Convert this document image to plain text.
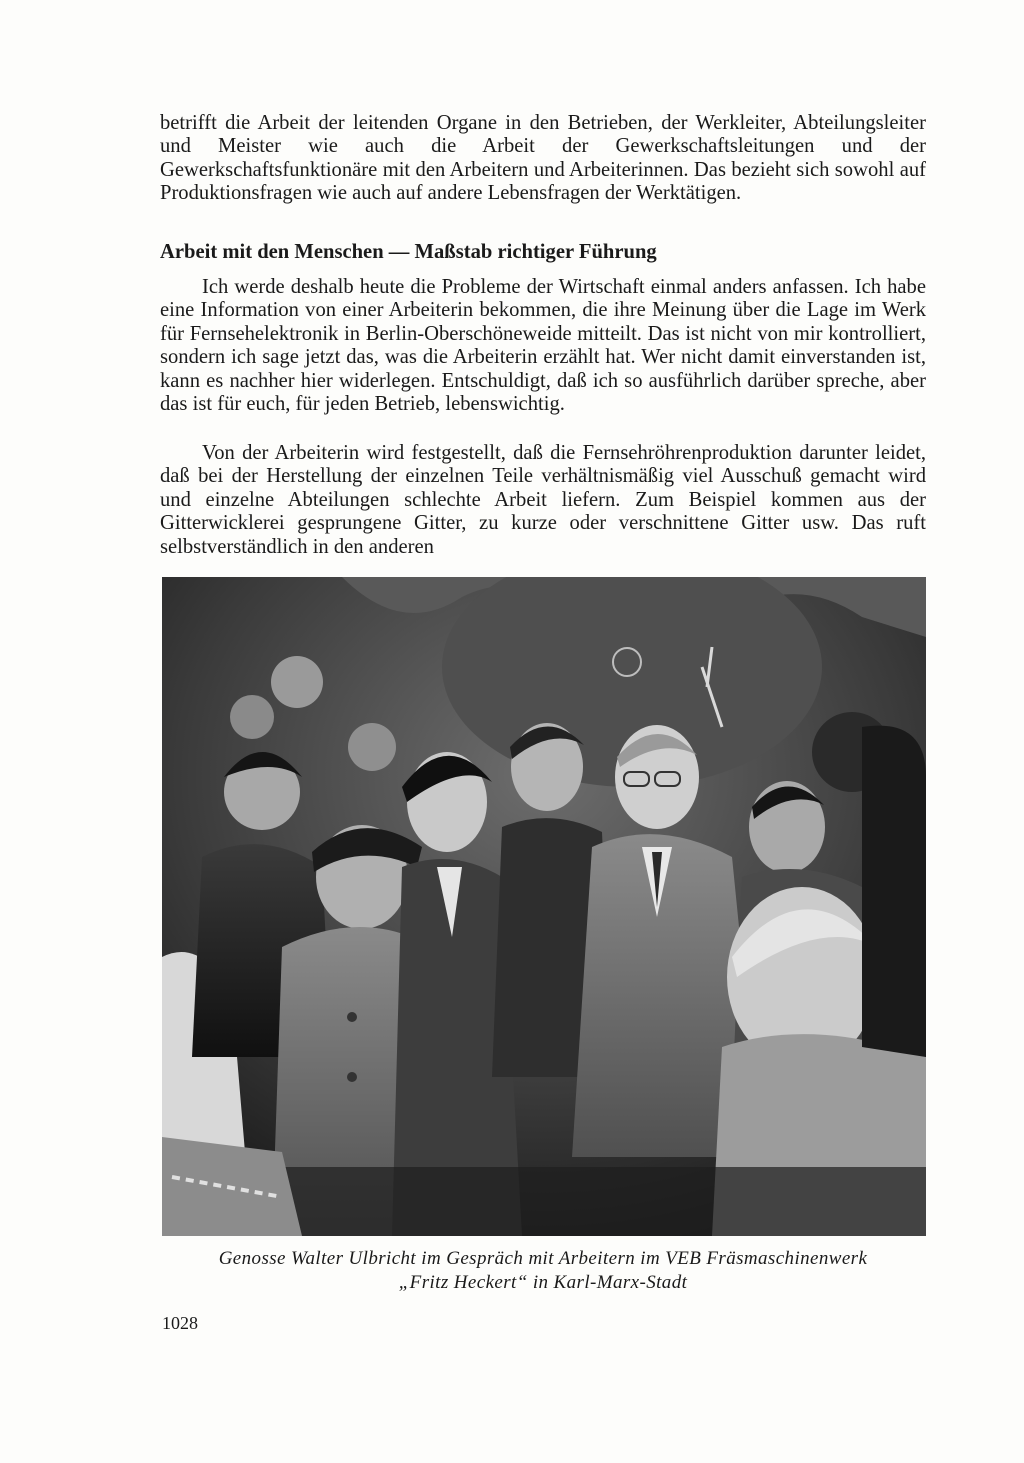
betrifft die Arbeit der leitenden Organe in den Betrieben, der Werkleiter, Abteilungsleiter und Meister wie auch die Arbeit der Gewerkschaftsleitungen und der Gewerkschaftsfunktionäre mit den Arbeitern und Arbeiterinnen. Das bezieht sich sowohl auf Produktionsfragen wie auch auf andere Lebensfragen der Werktätigen.

Arbeit mit den Menschen — Maßstab richtiger Führung

Ich werde deshalb heute die Probleme der Wirtschaft einmal anders anfassen. Ich habe eine Information von einer Arbeiterin bekommen, die ihre Meinung über die Lage im Werk für Fernsehelektronik in Berlin-Oberschöneweide mitteilt. Das ist nicht von mir kontrolliert, sondern ich sage jetzt das, was die Arbeiterin erzählt hat. Wer nicht damit einverstanden ist, kann es nachher hier widerlegen. Entschuldigt, daß ich so ausführlich darüber spreche, aber das ist für euch, für jeden Betrieb, lebenswichtig.

Von der Arbeiterin wird festgestellt, daß die Fernsehröhrenproduktion darunter leidet, daß bei der Herstellung der einzelnen Teile verhältnismäßig viel Ausschuß gemacht wird und einzelne Abteilungen schlechte Arbeit liefern. Zum Beispiel kommen aus der Gitterwicklerei gesprungene Gitter, zu kurze oder verschnittene Gitter usw. Das ruft selbstverständlich in den anderen

Genosse Walter Ulbricht im Gespräch mit Arbeitern im VEB Fräsmaschinenwerk
„Fritz Heckert“ in Karl-Marx-Stadt
1028
